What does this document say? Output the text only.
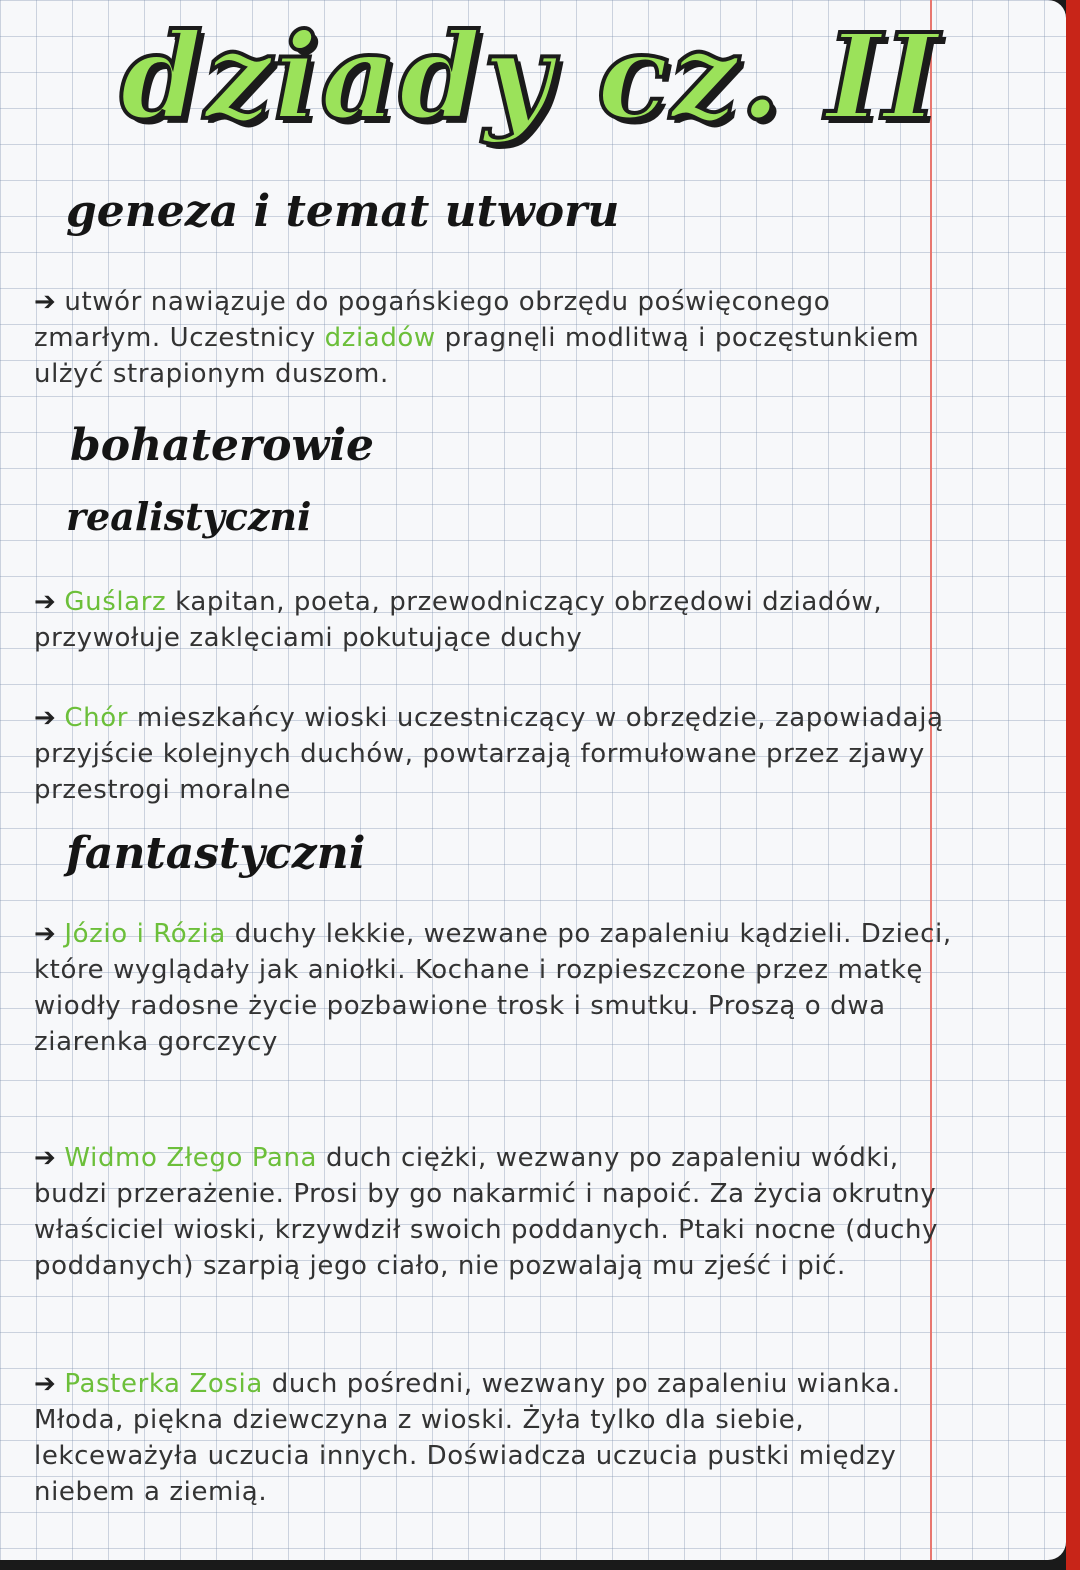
dziady cz. II
geneza i temat utworu
➔ utwór nawiązuje do pogańskiego obrzędu poświęconego zmarłym. Uczestnicy dziadów pragnęli modlitwą i poczęstunkiem ulżyć strapionym duszom.
bohaterowie
realistyczni
➔ Guślarz kapitan, poeta, przewodniczący obrzędowi dziadów, przywołuje zaklęciami pokutujące duchy
➔ Chór mieszkańcy wioski uczestniczący w obrzędzie, zapowiadają przyjście kolejnych duchów, powtarzają formułowane przez zjawy przestrogi moralne
fantastyczni
➔ Józio i Rózia duchy lekkie, wezwane po zapaleniu kądzieli. Dzieci, które wyglądały jak aniołki. Kochane i rozpieszczone przez matkę wiodły radosne życie pozbawione trosk i smutku. Proszą o dwa ziarenka gorczycy
➔ Widmo Złego Pana duch ciężki, wezwany po zapaleniu wódki, budzi przerażenie. Prosi by go nakarmić i napoić. Za życia okrutny właściciel wioski, krzywdził swoich poddanych. Ptaki nocne (duchy poddanych) szarpią jego ciało, nie pozwalają mu zjeść i pić.
➔ Pasterka Zosia duch pośredni, wezwany po zapaleniu wianka. Młoda, piękna dziewczyna z wioski. Żyła tylko dla siebie, lekceważyła uczucia innych. Doświadcza uczucia pustki między niebem a ziemią.
